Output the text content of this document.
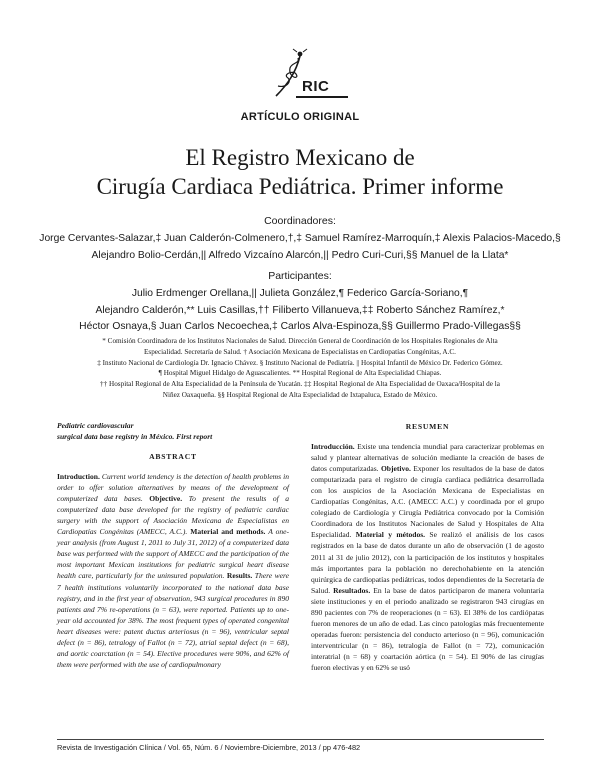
RIC
ARTÍCULO ORIGINAL
El Registro Mexicano de
Cirugía Cardiaca Pediátrica. Primer informe
Coordinadores:
Jorge Cervantes-Salazar,‡ Juan Calderón-Colmenero,†,‡ Samuel Ramírez-Marroquín,‡ Alexis Palacios-Macedo,§
Alejandro Bolio-Cerdán,|| Alfredo Vizcaíno Alarcón,|| Pedro Curi-Curi,§§ Manuel de la Llata*
Participantes:
Julio Erdmenger Orellana,|| Julieta González,¶ Federico García-Soriano,¶
Alejandro Calderón,** Luis Casillas,†† Filiberto Villanueva,‡‡ Roberto Sánchez Ramírez,*
Héctor Osnaya,§ Juan Carlos Necoechea,‡ Carlos Alva-Espinoza,§§ Guillermo Prado-Villegas§§
* Comisión Coordinadora de los Institutos Nacionales de Salud. Dirección General de Coordinación de los Hospitales Regionales de Alta
Especialidad. Secretaría de Salud. † Asociación Mexicana de Especialistas en Cardiopatías Congénitas, A.C.
‡ Instituto Nacional de Cardiología Dr. Ignacio Chávez. § Instituto Nacional de Pediatría. || Hospital Infantil de México Dr. Federico Gómez.
¶ Hospital Miguel Hidalgo de Aguascalientes. ** Hospital Regional de Alta Especialidad Chiapas.
†† Hospital Regional de Alta Especialidad de la Península de Yucatán. ‡‡ Hospital Regional de Alta Especialidad de Oaxaca/Hospital de la
Niñez Oaxaqueña. §§ Hospital Regional de Alta Especialidad de Ixtapaluca, Estado de México.
Pediatric cardiovascular
surgical data base registry in México. First report
ABSTRACT
Introduction. Current world tendency is the detection of health problems in order to offer solution alternatives by means of the development of computerized data bases. Objective. To present the results of a computerized data base developed for the registry of pediatric cardiac surgery with the support of Asociación Mexicana de Especialistas en Cardiopatías Congénitas (AMECC, A.C.). Material and methods. A one-year analysis (from August 1, 2011 to July 31, 2012) of a computerized data base was performed with the support of AMECC and the participation of the most important Mexican institutions for pediatric surgical heart disease health care, particularly for the uninsured population. Results. There were 7 health institutions voluntarily incorporated to the national data base registry, and in the first year of observation, 943 surgical procedures in 890 patients and 7% re-operations (n = 63), were reported. Patients up to one-year old accounted for 38%. The most frequent types of operated congenital heart diseases were: patent ductus arteriosus (n = 96), ventricular septal defect (n = 86), tetralogy of Fallot (n = 72), atrial septal defect (n = 68), and aortic coarctation (n = 54). Elective procedures were 90%, and 62% of them were performed with the use of cardiopulmonary
RESUMEN
Introducción. Existe una tendencia mundial para caracterizar problemas en salud y plantear alternativas de solución mediante la creación de bases de datos computarizadas. Objetivo. Exponer los resultados de la base de datos computarizada para el registro de cirugía cardiaca pediátrica desarrollada con los auspicios de la Asociación Mexicana de Especialistas en Cardiopatías Congénitas, A.C. (AMECC A.C.) y coordinada por el grupo colegiado de Cardiología y Cirugía Pediátrica convocado por la Comisión Coordinadora de los Institutos Nacionales de Salud y Hospitales de Alta Especialidad. Material y métodos. Se realizó el análisis de los casos registrados en la base de datos durante un año de observación (1 de agosto 2011 al 31 de julio 2012), con la participación de los institutos y hospitales más importantes para la población no derechohabiente en la atención quirúrgica de cardiopatías pediátricas, todos dependientes de la Secretaría de Salud. Resultados. En la base de datos participaron de manera voluntaria siete instituciones y en el periodo analizado se registraron 943 cirugías en 890 pacientes con 7% de reoperaciones (n = 63). El 38% de los cardiópatas fueron menores de un año de edad. Las cinco patologías más frecuentemente operadas fueron: persistencia del conducto arterioso (n = 96), comunicación interventricular (n = 86), tetralogía de Fallot (n = 72), comunicación interatrial (n = 68) y coartación aórtica (n = 54). El 90% de las cirugías fueron electivas y en 62% se usó
Revista de Investigación Clínica / Vol. 65, Núm. 6 / Noviembre-Diciembre, 2013 / pp 476-482
